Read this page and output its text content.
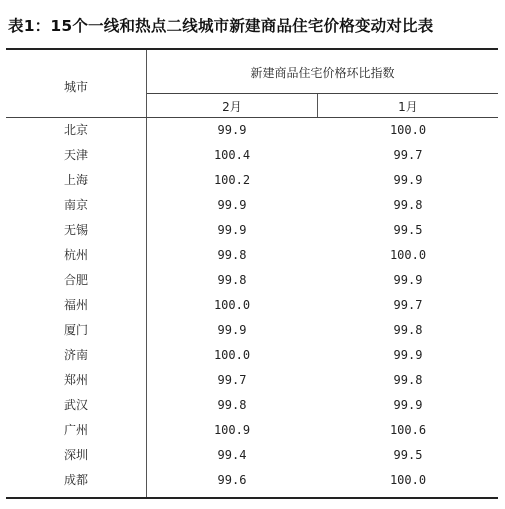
表1：15个一线和热点二线城市新建商品住宅价格变动对比表
城市
新建商品住宅价格环比指数
2月	1月
北京	99.9	100.0
天津	100.4	99.7
上海	100.2	99.9
南京	99.9	99.8
无锡	99.9	99.5
杭州	99.8	100.0
合肥	99.8	99.9
福州	100.0	99.7
厦门	99.9	99.8
济南	100.0	99.9
郑州	99.7	99.8
武汉	99.8	99.9
广州	100.9	100.6
深圳	99.4	99.5
成都	99.6	100.0
